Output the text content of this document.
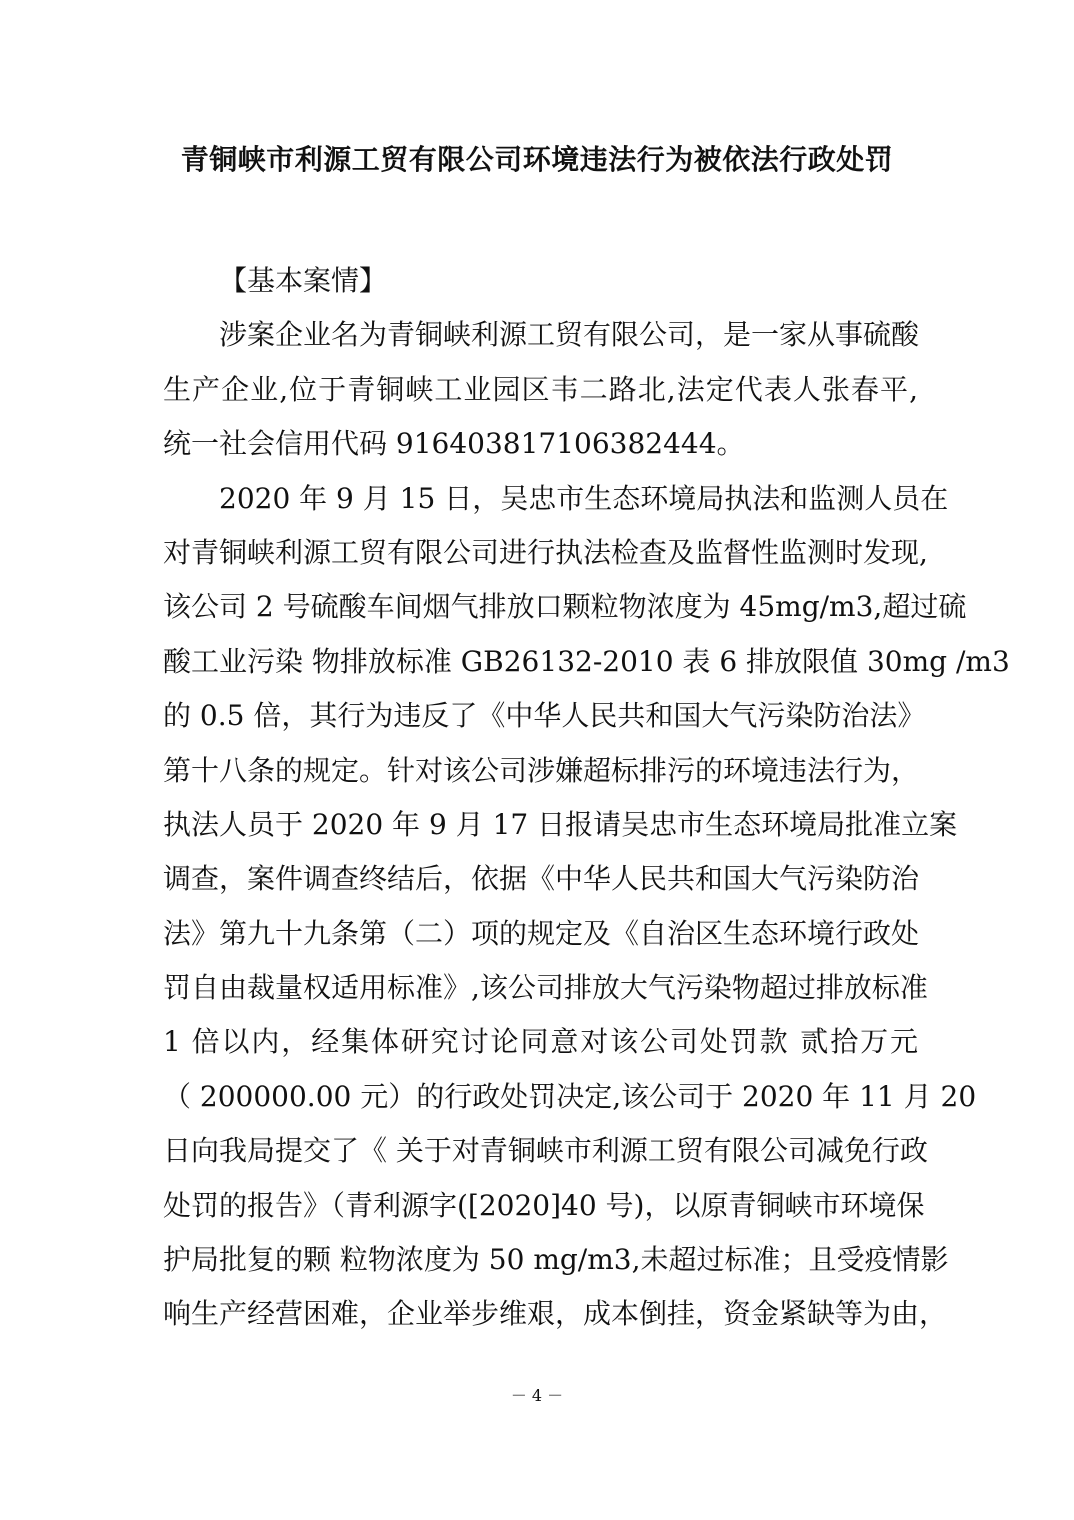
青铜峡市利源工贸有限公司环境违法行为被依法行政处罚
【基本案情】
涉案企业名为青铜峡利源工贸有限公司，是一家从事硫酸
生产企业,位于青铜峡工业园区韦二路北,法定代表人张春平,
统一社会信用代码 916403817106382444。
2020 年 9 月 15 日，吴忠市生态环境局执法和监测人员在
对青铜峡利源工贸有限公司进行执法检查及监督性监测时发现,
该公司 2 号硫酸车间烟气排放口颗粒物浓度为 45mg/m3,超过硫
酸工业污染 物排放标准 GB26132-2010 表 6 排放限值 30mg /m3
的 0.5 倍，其行为违反了《中华人民共和国大气污染防治法》
第十八条的规定。针对该公司涉嫌超标排污的环境违法行为，
执法人员于 2020 年 9 月 17 日报请吴忠市生态环境局批准立案
调查，案件调查终结后，依据《中华人民共和国大气污染防治
法》第九十九条第（二）项的规定及《自治区生态环境行政处
罚自由裁量权适用标准》,该公司排放大气污染物超过排放标准
1 倍以内，经集体研究讨论同意对该公司处罚款 贰拾万元
（ 200000.00 元）的行政处罚决定,该公司于 2020 年 11 月 20
日向我局提交了《 关于对青铜峡市利源工贸有限公司减免行政
处罚的报告》（青利源字([2020]40 号)，以原青铜峡市环境保
护局批复的颗 粒物浓度为 50 mg/m3,未超过标准；且受疫情影
响生产经营困难，企业举步维艰，成本倒挂，资金紧缺等为由，
－ 4 －
